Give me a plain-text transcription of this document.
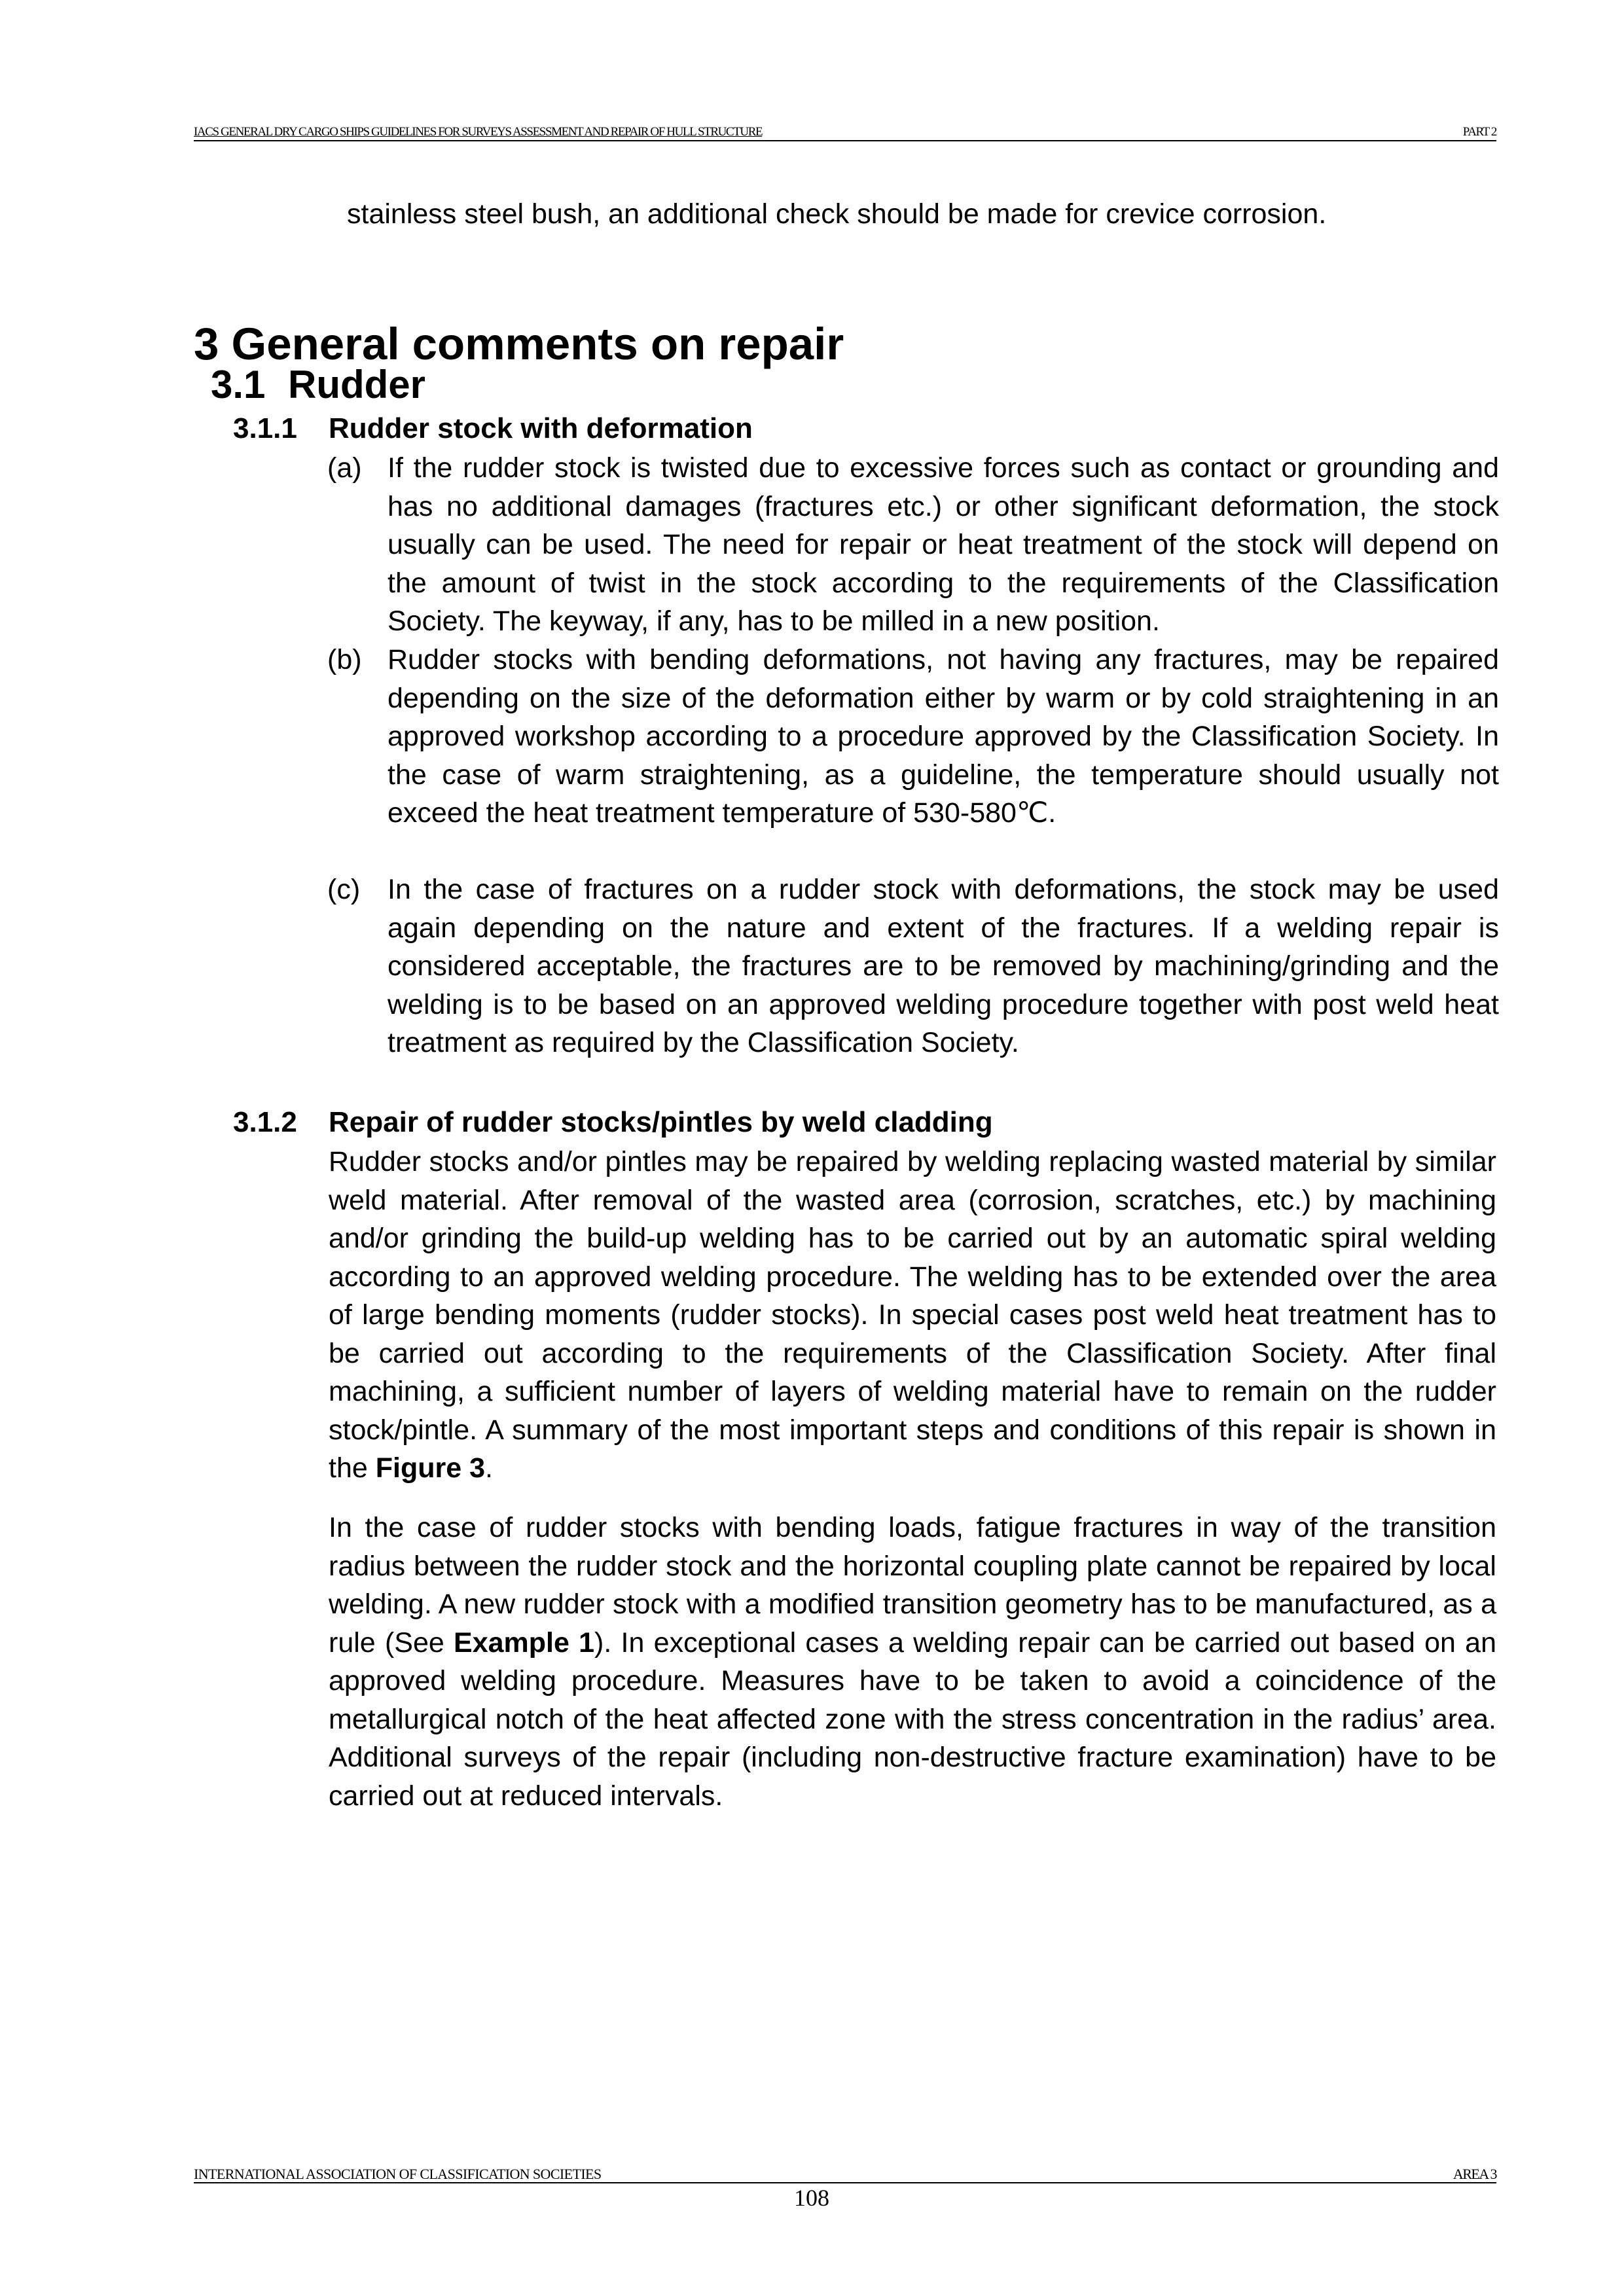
IACS GENERAL DRY CARGO SHIPS GUIDELINES FOR SURVEYS ASSESSMENT AND REPAIR OF HULL STRUCTURE	PART 2
stainless steel bush, an additional check should be made for crevice corrosion.
3 General comments on repair
3.1 Rudder
3.1.1 Rudder stock with deformation
(a) If the rudder stock is twisted due to excessive forces such as contact or grounding and has no additional damages (fractures etc.) or other significant deformation, the stock usually can be used. The need for repair or heat treatment of the stock will depend on the amount of twist in the stock according to the requirements of the Classification Society. The keyway, if any, has to be milled in a new position.
(b) Rudder stocks with bending deformations, not having any fractures, may be repaired depending on the size of the deformation either by warm or by cold straightening in an approved workshop according to a procedure approved by the Classification Society. In the case of warm straightening, as a guideline, the temperature should usually not exceed the heat treatment temperature of 530-580℃.
(c) In the case of fractures on a rudder stock with deformations, the stock may be used again depending on the nature and extent of the fractures. If a welding repair is considered acceptable, the fractures are to be removed by machining/grinding and the welding is to be based on an approved welding procedure together with post weld heat treatment as required by the Classification Society.
3.1.2 Repair of rudder stocks/pintles by weld cladding
Rudder stocks and/or pintles may be repaired by welding replacing wasted material by similar weld material. After removal of the wasted area (corrosion, scratches, etc.) by machining and/or grinding the build-up welding has to be carried out by an automatic spiral welding according to an approved welding procedure. The welding has to be extended over the area of large bending moments (rudder stocks). In special cases post weld heat treatment has to be carried out according to the requirements of the Classification Society. After final machining, a sufficient number of layers of welding material have to remain on the rudder stock/pintle. A summary of the most important steps and conditions of this repair is shown in the Figure 3.
In the case of rudder stocks with bending loads, fatigue fractures in way of the transition radius between the rudder stock and the horizontal coupling plate cannot be repaired by local welding. A new rudder stock with a modified transition geometry has to be manufactured, as a rule (See Example 1). In exceptional cases a welding repair can be carried out based on an approved welding procedure. Measures have to be taken to avoid a coincidence of the metallurgical notch of the heat affected zone with the stress concentration in the radius’ area. Additional surveys of the repair (including non-destructive fracture examination) have to be carried out at reduced intervals.
INTERNATIONAL ASSOCIATION OF CLASSIFICATION SOCIETIES	AREA 3
108
